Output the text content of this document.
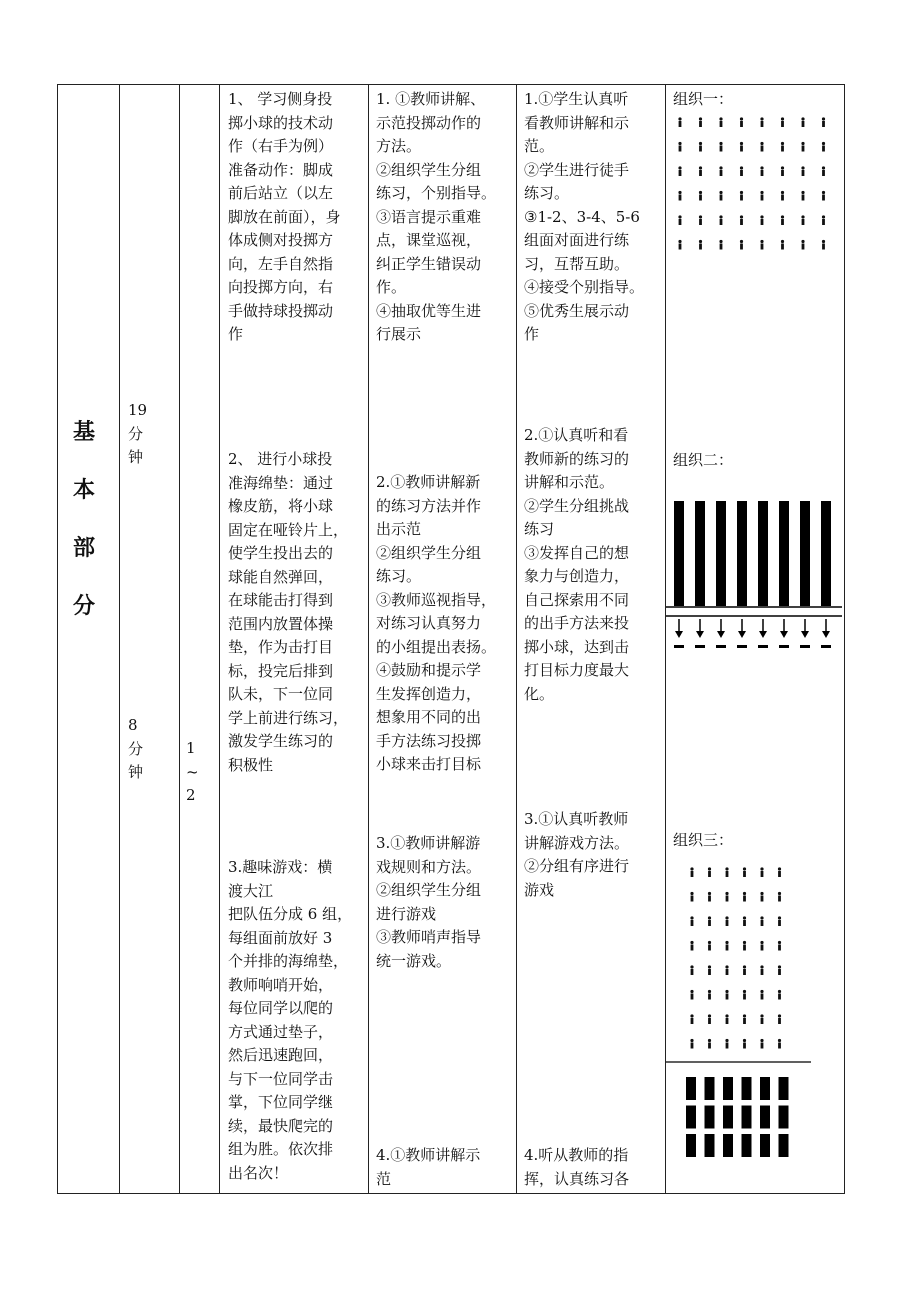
基
本
部
分
19
分
钟
8
分
钟
1
~
2
1、 学习侧身投
掷小球的技术动
作（右手为例）
准备动作：脚成
前后站立（以左
脚放在前面），身
体成侧对投掷方
向，左手自然指
向投掷方向，右
手做持球投掷动
作
2、 进行小球投
准海绵垫：通过
橡皮筋，将小球
固定在哑铃片上，
使学生投出去的
球能自然弹回，
在球能击打得到
范围内放置体操
垫，作为击打目
标，投完后排到
队未，下一位同
学上前进行练习，
激发学生练习的
积极性
3.趣味游戏：横
渡大江
把队伍分成 6 组，
每组面前放好 3
个并排的海绵垫，
教师响哨开始，
每位同学以爬的
方式通过垫子，
然后迅速跑回，
与下一位同学击
掌，下位同学继
续，最快爬完的
组为胜。依次排
出名次！
1. ①教师讲解、
示范投掷动作的
方法。
②组织学生分组
练习，个别指导。
③语言提示重难
点，课堂巡视，
纠正学生错误动
作。
④抽取优等生进
行展示
2.①教师讲解新
的练习方法并作
出示范
②组织学生分组
练习。
③教师巡视指导，
对练习认真努力
的小组提出表扬。
④鼓励和提示学
生发挥创造力，
想象用不同的出
手方法练习投掷
小球来击打目标
3.①教师讲解游
戏规则和方法。
②组织学生分组
进行游戏
③教师哨声指导
统一游戏。
4.①教师讲解示
范
1.①学生认真听
看教师讲解和示
范。
②学生进行徒手
练习。
③1-2、3-4、5-6
组面对面进行练
习，互帮互助。
④接受个别指导。
⑤优秀生展示动
作
2.①认真听和看
教师新的练习的
讲解和示范。
②学生分组挑战
练习
③发挥自己的想
象力与创造力，
自己探索用不同
的出手方法来投
掷小球，达到击
打目标力度最大
化。
3.①认真听教师
讲解游戏方法。
②分组有序进行
游戏
4.听从教师的指
挥，认真练习各
组织一：
组织二：
组织三：
